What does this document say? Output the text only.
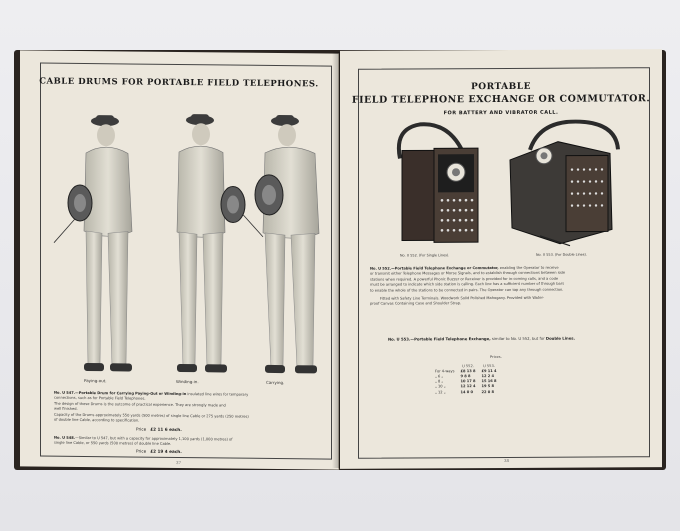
CABLE DRUMS FOR PORTABLE FIELD TELEPHONES.
Paying-out.	Winding-in.	Carrying.
No. U 547.—Portable Drum for Carrying Paying-Out or Winding-in insulated line wires for temporary
connections, such as for Portable Field Telephones.
The design of these Drums is the outcome of practical experience. They are strongly made and
well finished.
Capacity of the Drums approximately 550 yards (500 metres) of single line Cable or 275 yards (250 metres)
of double line Cable, according to specification.
Price £2 11 6 each.
No. U 548.—Similar to U 547, but with a capacity for approximately 1,100 yards (1,000 metres) of
single line Cable, or 550 yards (500 metres) of double line Cable.
Price £2 19 4 each.
37
PORTABLE
FIELD TELEPHONE EXCHANGE OR COMMUTATOR.
FOR BATTERY AND VIBRATOR CALL.
No. U 552. (For Single Lines).	No. U 553. (For Double Lines).
No. U 552.—Portable Field Telephone Exchange or Commutator, enabling the Operator to receive
or transmit either Telephone Messages or Morse Signals, and to establish through connections between side
stations when required. A powerful Phonic Buzzer or Receiver is provided for in-coming calls, and a code
must be arranged to indicate which side station is calling. Each line has a sufficient number of through bars
to enable the whole of the stations to be connected in pairs. The Operator can tap any through connection.
Fitted with Safety Line Terminals. Woodwork Solid Polished Mahogany. Provided with Water-
proof Canvas Containing Case and Shoulder Strap.
No. U 553.—Portable Field Telephone Exchange, similar to No. U 552, but for Double Lines.
Prices.
	U 552.	U 553.
For 4-ways	£8 13 8	£9 11 4
„ 6 „	9 8 8	12 2 4
„ 8 „	10 17 8	15 16 8
„ 10 „	12 12 4	19 5 8
„ 12 „	14 0 0	22 0 8
38
